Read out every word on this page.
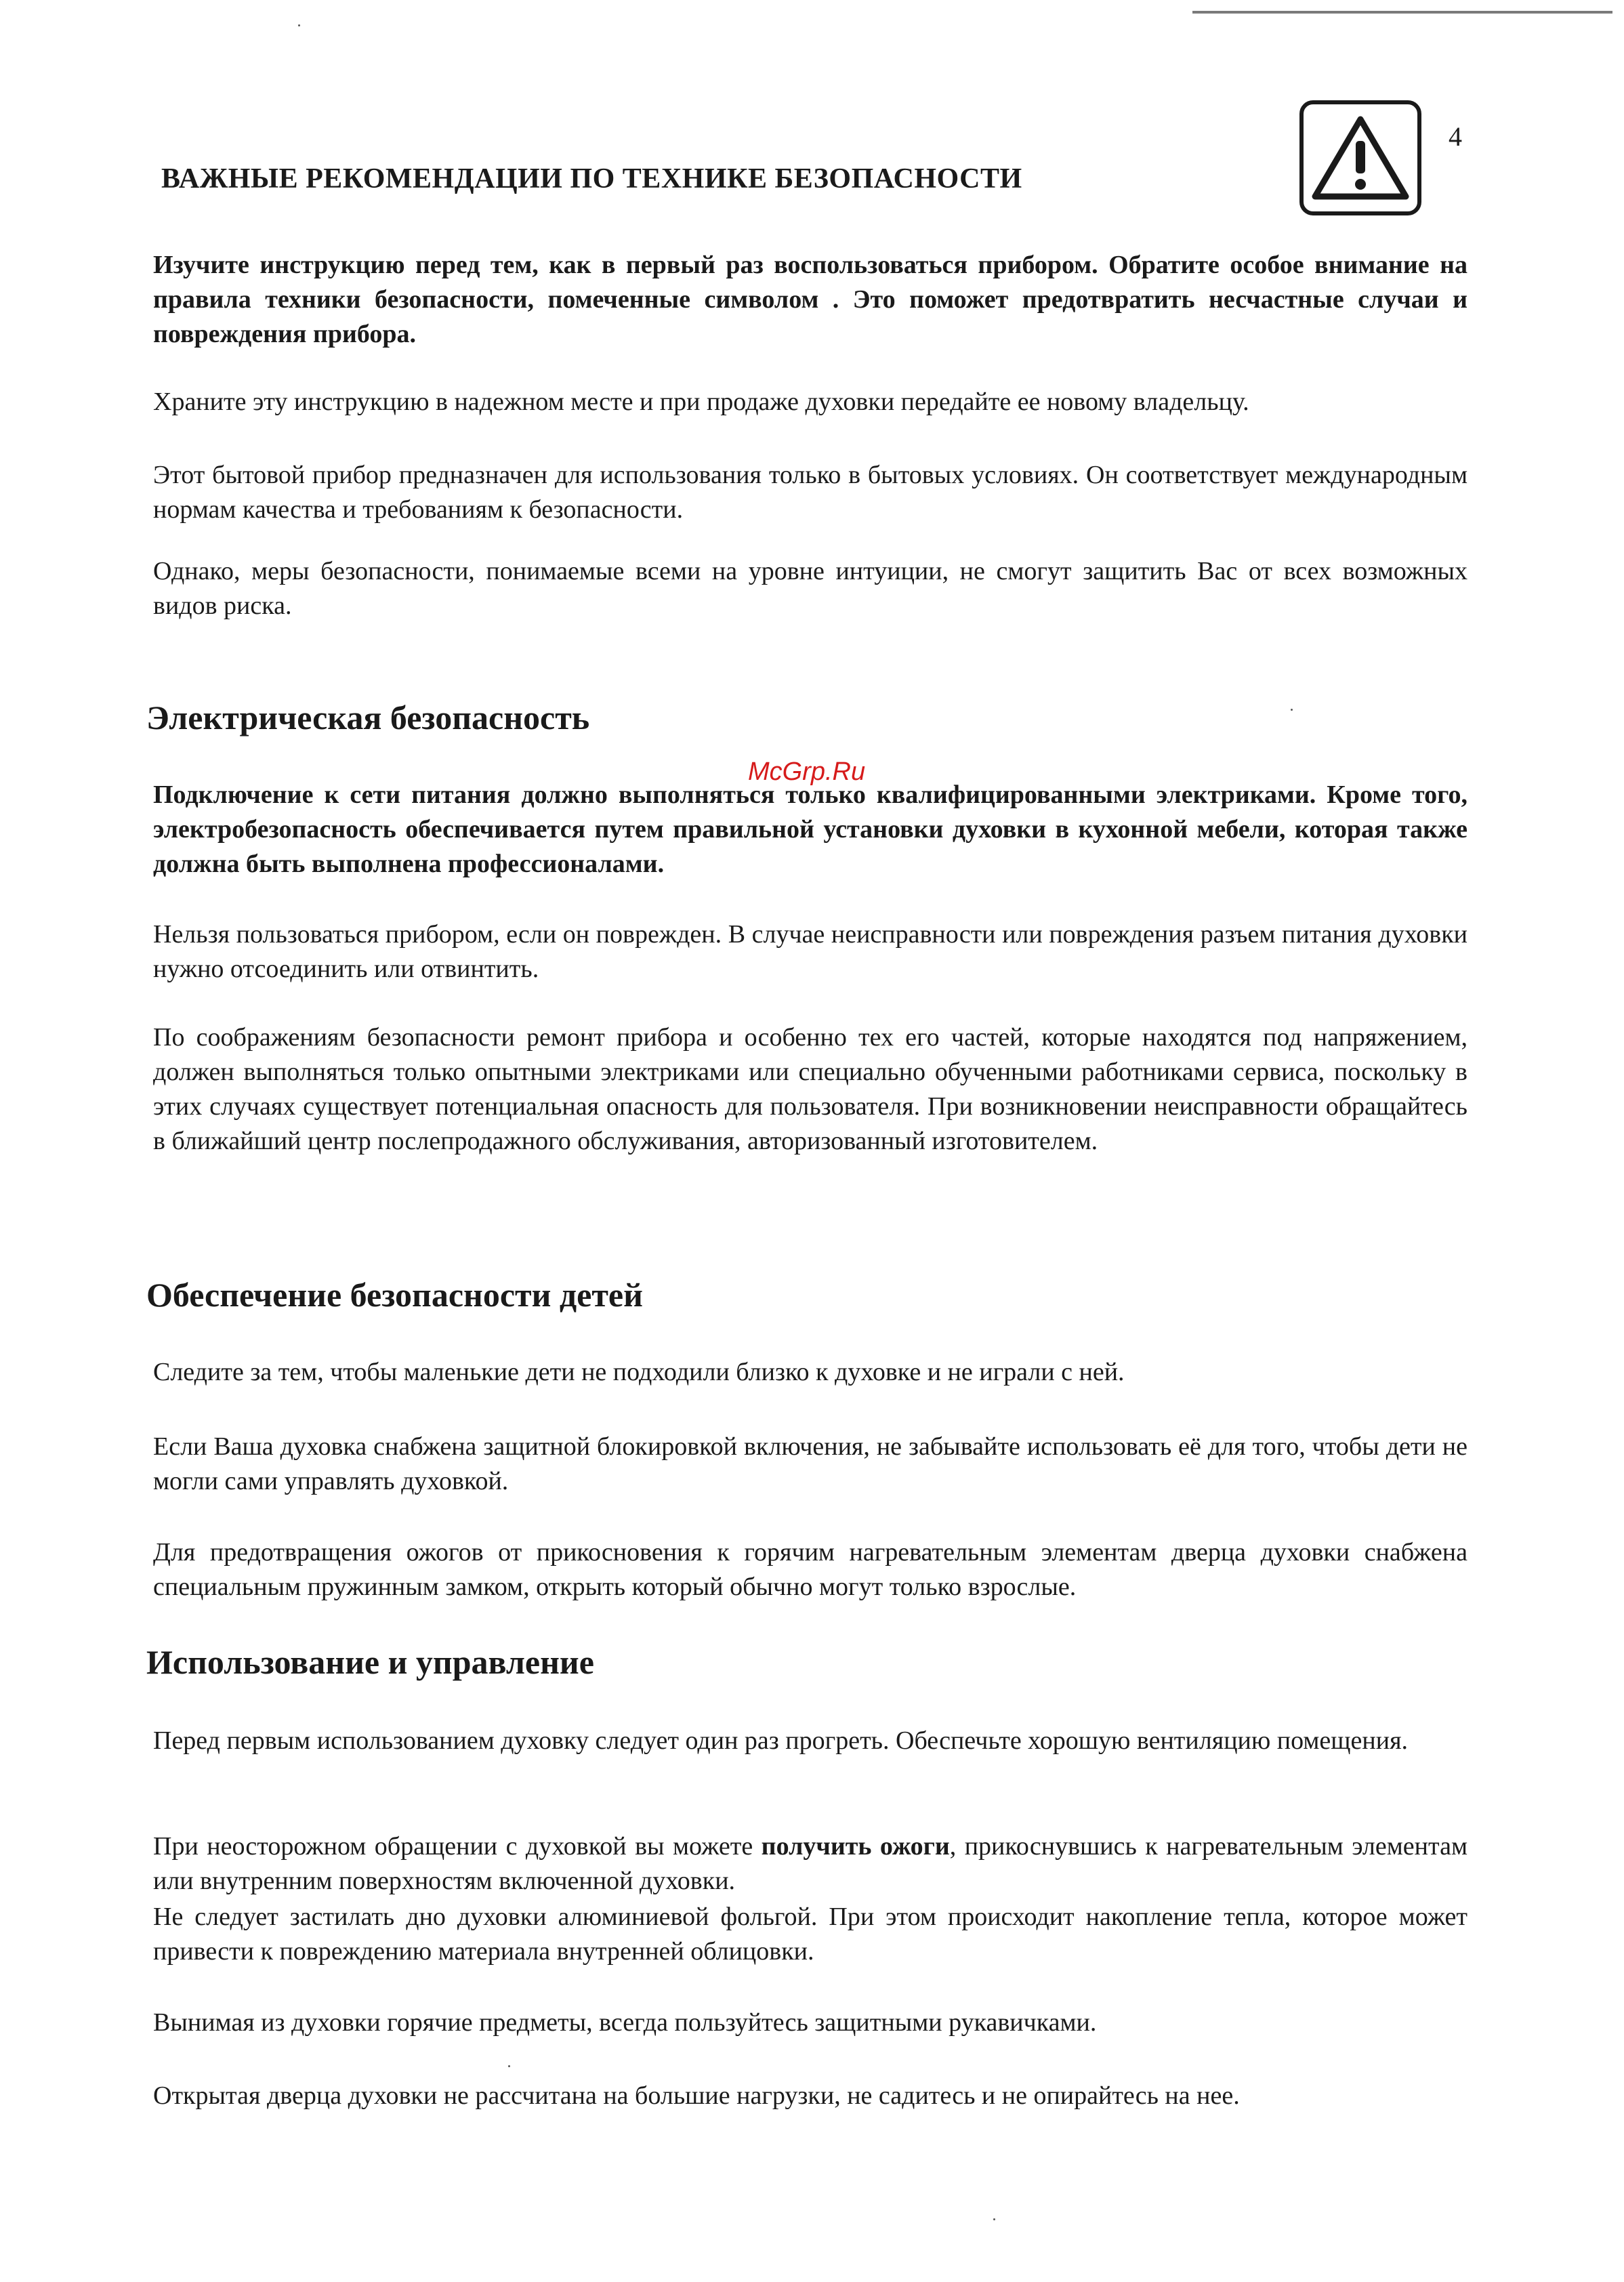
4
ВАЖНЫЕ РЕКОМЕНДАЦИИ ПО ТЕХНИКЕ БЕЗОПАСНОСТИ

Изучите инструкцию перед тем, как в первый раз воспользоваться прибором. Обратите особое внимание на правила техники безопасности, помеченные символом . Это поможет предотвратить несчастные случаи и повреждения прибора.

Храните эту инструкцию в надежном месте и при продаже духовки передайте ее новому владельцу.

Этот бытовой прибор предназначен для использования только в бытовых условиях. Он соответствует международным нормам качества и требованиям к безопасности.

Однако, меры безопасности, понимаемые всеми на уровне интуиции, не смогут защитить Вас от всех возможных видов риска.

Электрическая безопасность

Подключение к сети питания должно выполняться только квалифицированными электриками. Кроме того, электробезопасность обеспечивается путем правильной установки духовки в кухонной мебели, которая также должна быть выполнена профессионалами.

Нельзя пользоваться прибором, если он поврежден. В случае неисправности или повреждения разъем питания духовки нужно отсоединить или отвинтить.

По соображениям безопасности ремонт прибора и особенно тех его частей, которые находятся под напряжением, должен выполняться только опытными электриками или специально обученными работниками сервиса, поскольку в этих случаях существует потенциальная опасность для пользователя. При возникновении неисправности обращайтесь в ближайший центр послепродажного обслуживания, авторизованный изготовителем.

McGrp.Ru
Обеспечение безопасности детей

Следите за тем, чтобы маленькие дети не подходили близко к духовке и не играли с ней.

Если Ваша духовка снабжена защитной блокировкой включения, не забывайте использовать её для того, чтобы дети не могли сами управлять духовкой.

Для предотвращения ожогов от прикосновения к горячим нагревательным элементам дверца духовки снабжена специальным пружинным замком, открыть который обычно могут только взрослые.

Использование и управление

Перед первым использованием духовку следует один раз прогреть. Обеспечьте хорошую вентиляцию помещения.

При неосторожном обращении с духовкой вы можете получить ожоги, прикоснувшись к нагревательным элементам или внутренним поверхностям включенной духовки.

Не следует застилать дно духовки алюминиевой фольгой. При этом происходит накопление тепла, которое может привести к повреждению материала внутренней облицовки.

Вынимая из духовки горячие предметы, всегда пользуйтесь защитными рукавичками.

Открытая дверца духовки не рассчитана на большие нагрузки, не садитесь и не опирайтесь на нее.
